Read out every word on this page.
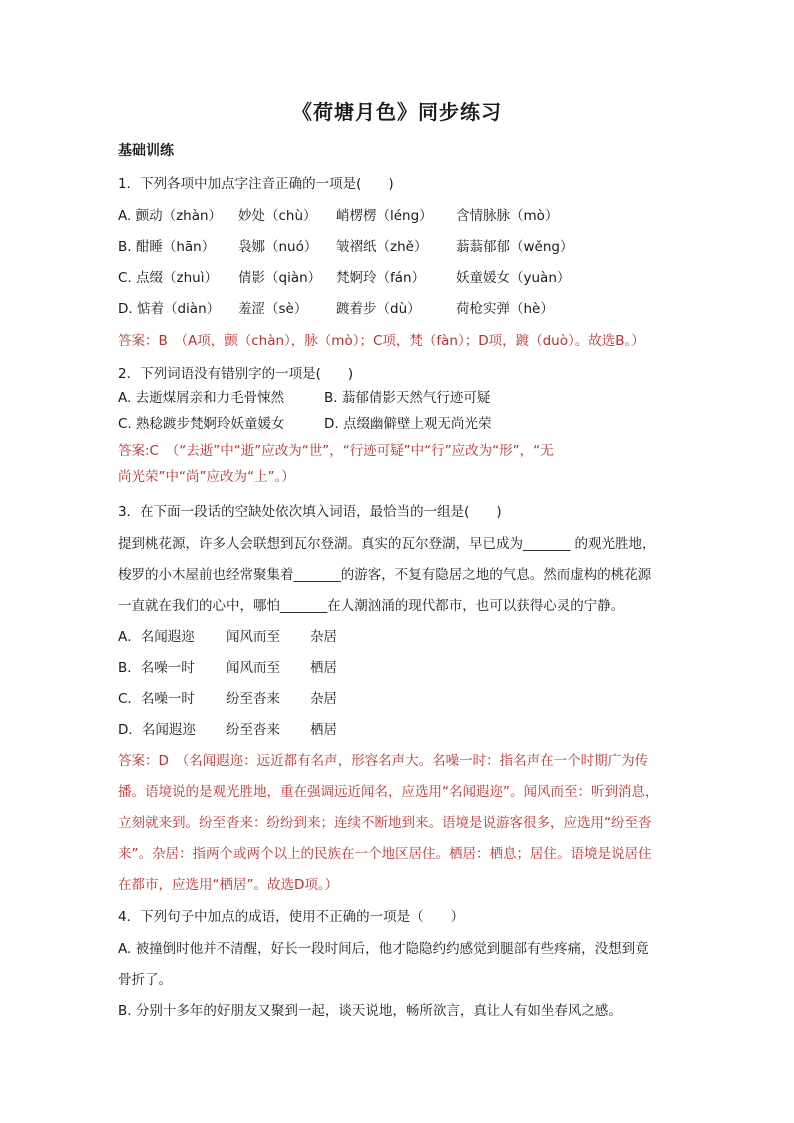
《荷塘月色》同步练习
基础训练
1．下列各项中加点字注音正确的一项是(　　)
A. 颤动（zhàn） 妙处（chù） 峭楞楞（léng） 含情脉脉（mò）
B. 酣睡（hān） 袅娜（nuó） 皱褶纸（zhě） 蓊蓊郁郁（wěng）
C. 点缀（zhuì） 倩影（qiàn） 梵婀玲（fán） 妖童媛女（yuàn）
D. 惦着（diàn） 羞涩（sè） 踱着步（dù）	荷枪实弹（hè）
答案：B　（A项，颤（chàn），脉（mò）；C项，梵（fàn）；D项，踱（duò）。故选B。）
2．下列词语没有错别字的一项是(　　)
A. 去逝煤屑亲和力毛骨悚然	B. 蓊郁倩影天然气行迹可疑
C. 熟稔踱步梵婀玲妖童媛女	D. 点缀幽僻壁上观无尚光荣
答案:C　（“去逝”中“逝”应改为“世”，“行迹可疑”中“行”应改为“形”，“无
尚光荣”中“尚”应改为“上”。）
3．在下面一段话的空缺处依次填入词语，最恰当的一组是(　　)
提到桃花源，许多人会联想到瓦尔登湖。真实的瓦尔登湖，早已成为_______ 的观光胜地，
梭罗的小木屋前也经常聚集着_______的游客，不复有隐居之地的气息。然而虚构的桃花源
一直就在我们的心中，哪怕_______在人潮汹涌的现代都市，也可以获得心灵的宁静。
A．名闻遐迩 闻风而至 杂居
B．名噪一时 闻风而至 栖居
C．名噪一时 纷至沓来 杂居
D．名闻遐迩 纷至沓来 栖居
答案：D　（名闻遐迩：远近都有名声，形容名声大。名噪一时：指名声在一个时期广为传
播。语境说的是观光胜地，重在强调远近闻名，应选用“名闻遐迩”。闻风而至：听到消息，
立刻就来到。纷至沓来：纷纷到来；连续不断地到来。语境是说游客很多，应选用“纷至沓
来”。杂居：指两个或两个以上的民族在一个地区居住。栖居：栖息；居住。语境是说居住
在都市，应选用“栖居”。故选D项。）
4．下列句子中加点的成语，使用不正确的一项是（　　）
A. 被撞倒时他并不清醒，好长一段时间后，他才隐隐约约感觉到腿部有些疼痛，没想到竟
骨折了。
B. 分别十多年的好朋友又聚到一起，谈天说地，畅所欲言，真让人有如坐春风之感。
